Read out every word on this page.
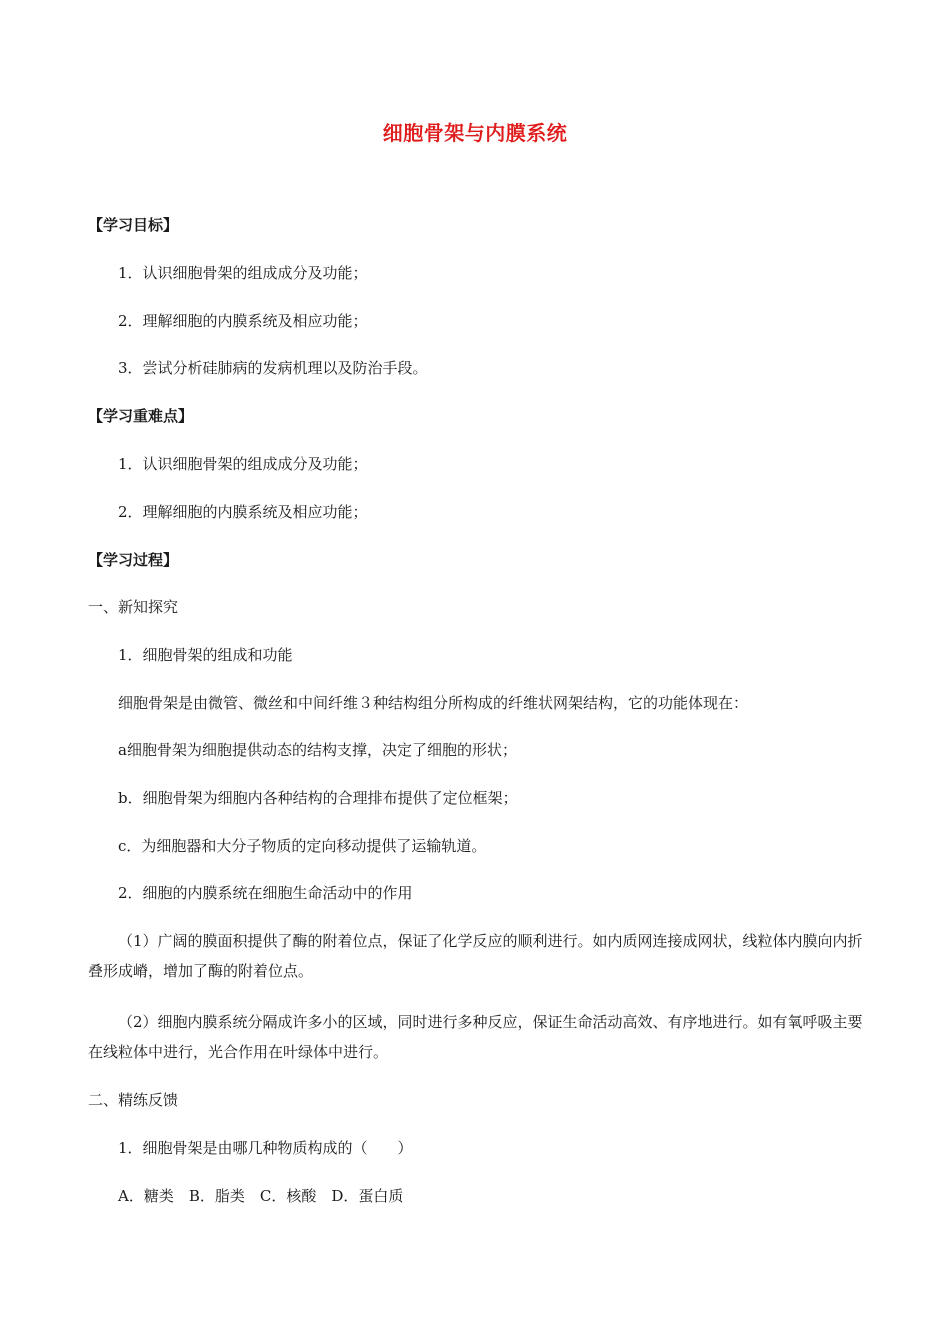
细胞骨架与内膜系统
【学习目标】
1．认识细胞骨架的组成成分及功能；
2．理解细胞的内膜系统及相应功能；
3．尝试分析硅肺病的发病机理以及防治手段。
【学习重难点】
1．认识细胞骨架的组成成分及功能；
2．理解细胞的内膜系统及相应功能；
【学习过程】
一、新知探究
1．细胞骨架的组成和功能
细胞骨架是由微管、微丝和中间纤维３种结构组分所构成的纤维状网架结构，它的功能体现在：
a细胞骨架为细胞提供动态的结构支撑，决定了细胞的形状；
b．细胞骨架为细胞内各种结构的合理排布提供了定位框架；
c．为细胞器和大分子物质的定向移动提供了运输轨道。
2．细胞的内膜系统在细胞生命活动中的作用
（1）广阔的膜面积提供了酶的附着位点，保证了化学反应的顺利进行。如内质网连接成网状，线粒体内膜向内折叠形成嵴，增加了酶的附着位点。
（2）细胞内膜系统分隔成许多小的区域，同时进行多种反应，保证生命活动高效、有序地进行。如有氧呼吸主要在线粒体中进行，光合作用在叶绿体中进行。
二、精练反馈
1．细胞骨架是由哪几种物质构成的（　　）
A．糖类　B．脂类　C．核酸　D．蛋白质
